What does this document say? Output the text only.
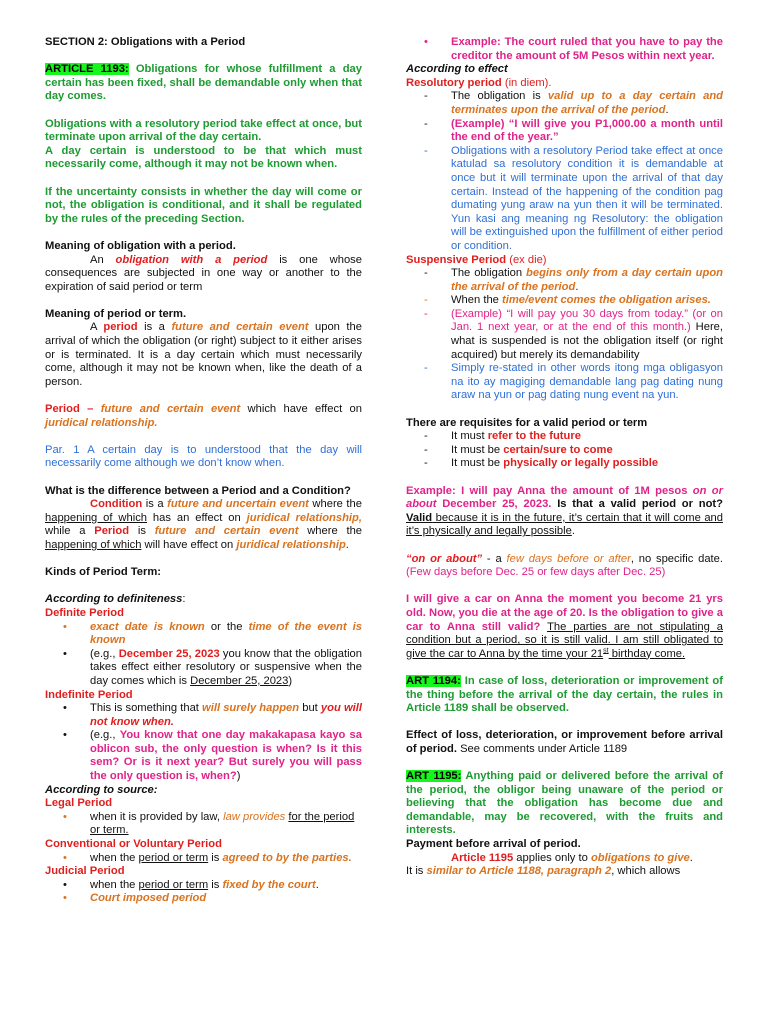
SECTION 2: Obligations with a Period

ARTICLE 1193: Obligations for whose fulfillment a day certain has been fixed, shall be demandable only when that day comes.

Obligations with a resolutory period take effect at once, but terminate upon arrival of the day certain.

A day certain is understood to be that which must necessarily come, although it may not be known when.

If the uncertainty consists in whether the day will come or not, the obligation is conditional, and it shall be regulated by the rules of the preceding Section.

Meaning of obligation with a period.

An obligation with a period is one whose consequences are subjected in one way or another to the expiration of said period or term

Meaning of period or term.

A period is a future and certain event upon the arrival of which the obligation (or right) subject to it either arises or is terminated. It is a day certain which must necessarily come, although it may not be known when, like the death of a person.

Period – future and certain event which have effect on juridical relationship.

Par. 1 A certain day is to understood that the day will necessarily come although we don’t know when.

What is the difference between a Period and a Condition?

Condition is a future and uncertain event where the happening of which has an effect on juridical relationship, while a Period is future and certain event where the happening of which will have effect on juridical relationship.

Kinds of Period Term:

According to definiteness:

Definite Period

• exact date is known or the time of the event is known
• (e.g., December 25, 2023 you know that the obligation takes effect either resolutory or suspensive when the day comes which is December 25, 2023)

Indefinite Period

• This is something that will surely happen but you will not know when.
• (e.g., You know that one day makakapasa kayo sa oblicon sub, the only question is when? Is it this sem? Or is it next year? But surely you will pass the only question is, when?)

According to source:

Legal Period

• when it is provided by law, law provides for the period or term.

Conventional or Voluntary Period

• when the period or term is agreed to by the parties.

Judicial Period

• when the period or term is fixed by the court.
• Court imposed period
• Example: The court ruled that you have to pay the creditor the amount of 5M Pesos within next year.

According to effect

Resolutory period (in diem).

- The obligation is valid up to a day certain and terminates upon the arrival of the period.
- (Example) “I will give you P1,000.00 a month until the end of the year.”
- Obligations with a resolutory Period take effect at once katulad sa resolutory condition it is demandable at once but it will terminate upon the arrival of that day certain. Instead of the happening of the condition pag dumating yung araw na yun then it will be terminated. Yun kasi ang meaning ng Resolutory: the obligation will be extinguished upon the fulfillment of either period or condition.

Suspensive Period (ex die)

- The obligation begins only from a day certain upon the arrival of the period.
- When the time/event comes the obligation arises.
- (Example) “I will pay you 30 days from today.” (or on Jan. 1 next year, or at the end of this month.) Here, what is suspended is not the obligation itself (or right acquired) but merely its demandability
- Simply re-stated in other words itong mga obligasyon na ito ay magiging demandable lang pag dating nung araw na yun or pag dating nung event na yun.

There are requisites for a valid period or term

- It must refer to the future
- It must be certain/sure to come
- It must be physically or legally possible

Example: I will pay Anna the amount of 1M pesos on or about December 25, 2023. Is that a valid period or not? Valid because it is in the future, it’s certain that it will come and it’s physically and legally possible.

“on or about” - a few days before or after, no specific date. (Few days before Dec. 25 or few days after Dec. 25)

I will give a car on Anna the moment you become 21 yrs old. Now, you die at the age of 20. Is the obligation to give a car to Anna still valid? The parties are not stipulating a condition but a period, so it is still valid. I am still obligated to give the car to Anna by the time your 21st birthday come.

ART 1194: In case of loss, deterioration or improvement of the thing before the arrival of the day certain, the rules in Article 1189 shall be observed.

Effect of loss, deterioration, or improvement before arrival of period. See comments under Article 1189

ART 1195: Anything paid or delivered before the arrival of the period, the obligor being unaware of the period or believing that the obligation has become due and demandable, may be recovered, with the fruits and interests.

Payment before arrival of period.

Article 1195 applies only to obligations to give.

It is similar to Article 1188, paragraph 2, which allows
